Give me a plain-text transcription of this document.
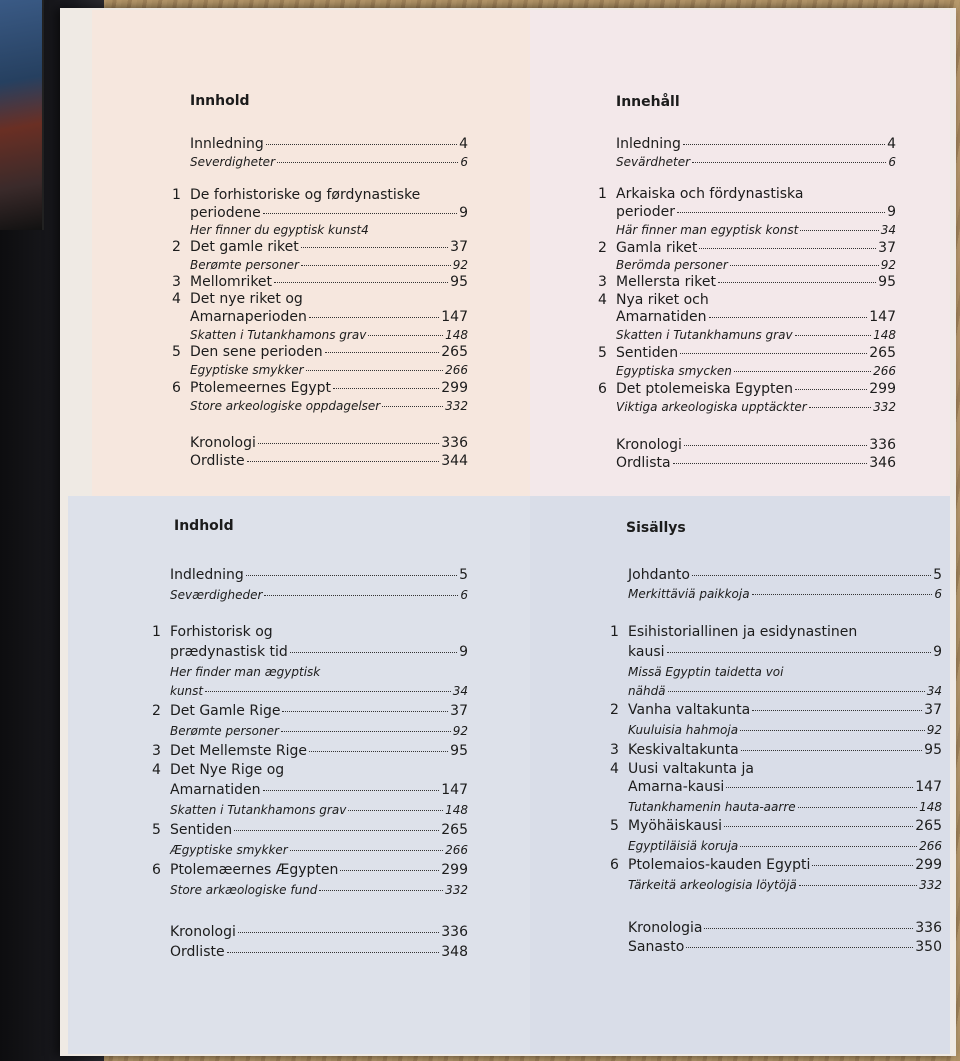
Innhold
Innledning	4
Severdigheter	6
1 De forhistoriske og førdynastiske
periodene	9
Her finner du egyptisk kunst4
2 Det gamle riket	37
Berømte personer	92
3 Mellomriket	95
4 Det nye riket og
Amarnaperioden	147
Skatten i Tutankhamons grav	148
5 Den sene perioden	265
Egyptiske smykker	266
6 Ptolemeernes Egypt	299
Store arkeologiske oppdagelser	332
Kronologi	336
Ordliste	344
Innehåll
Inledning	4
Sevärdheter	6
1 Arkaiska och fördynastiska
perioder	9
Här finner man egyptisk konst	34
2 Gamla riket	37
Berömda personer	92
3 Mellersta riket	95
4 Nya riket och
Amarnatiden	147
Skatten i Tutankhamuns grav	148
5 Sentiden	265
Egyptiska smycken	266
6 Det ptolemeiska Egypten	299
Viktiga arkeologiska upptäckter	332
Kronologi	336
Ordlista	346
Indhold
Indledning	5
Seværdigheder	6
1 Forhistorisk og
prædynastisk tid	9
Her finder man ægyptisk
kunst	34
2 Det Gamle Rige	37
Berømte personer	92
3 Det Mellemste Rige	95
4 Det Nye Rige og
Amarnatiden	147
Skatten i Tutankhamons grav	148
5 Sentiden	265
Ægyptiske smykker	266
6 Ptolemæernes Ægypten	299
Store arkæologiske fund	332
Kronologi	336
Ordliste	348
Sisällys
Johdanto	5
Merkittäviä paikkoja	6
1 Esihistoriallinen ja esidynastinen
kausi	9
Missä Egyptin taidetta voi
nähdä	34
2 Vanha valtakunta	37
Kuuluisia hahmoja	92
3 Keskivaltakunta	95
4 Uusi valtakunta ja
Amarna-kausi	147
Tutankhamenin hauta-aarre	148
5 Myöhäiskausi	265
Egyptiläisiä koruja	266
6 Ptolemaios-kauden Egypti	299
Tärkeitä arkeologisia löytöjä	332
Kronologia	336
Sanasto	350
